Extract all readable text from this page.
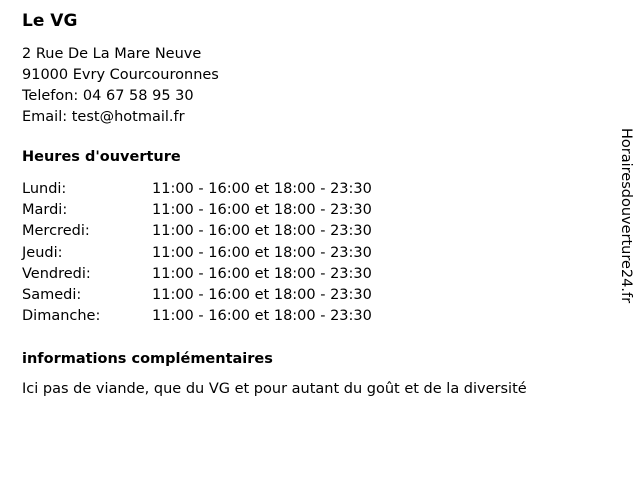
Le VG

2 Rue De La Mare Neuve

91000 Evry Courcouronnes

Telefon: 04 67 58 95 30

Email: test@hotmail.fr

Heures d'ouverture
Lundi:	11:00 - 16:00 et 18:00 - 23:30
Mardi:	11:00 - 16:00 et 18:00 - 23:30
Mercredi:	11:00 - 16:00 et 18:00 - 23:30
Jeudi:	11:00 - 16:00 et 18:00 - 23:30
Vendredi:	11:00 - 16:00 et 18:00 - 23:30
Samedi:	11:00 - 16:00 et 18:00 - 23:30
Dimanche:	11:00 - 16:00 et 18:00 - 23:30
informations complémentaires

Ici pas de viande, que du VG et pour autant du goût et de la diversité

Horairesdouverture24.fr
